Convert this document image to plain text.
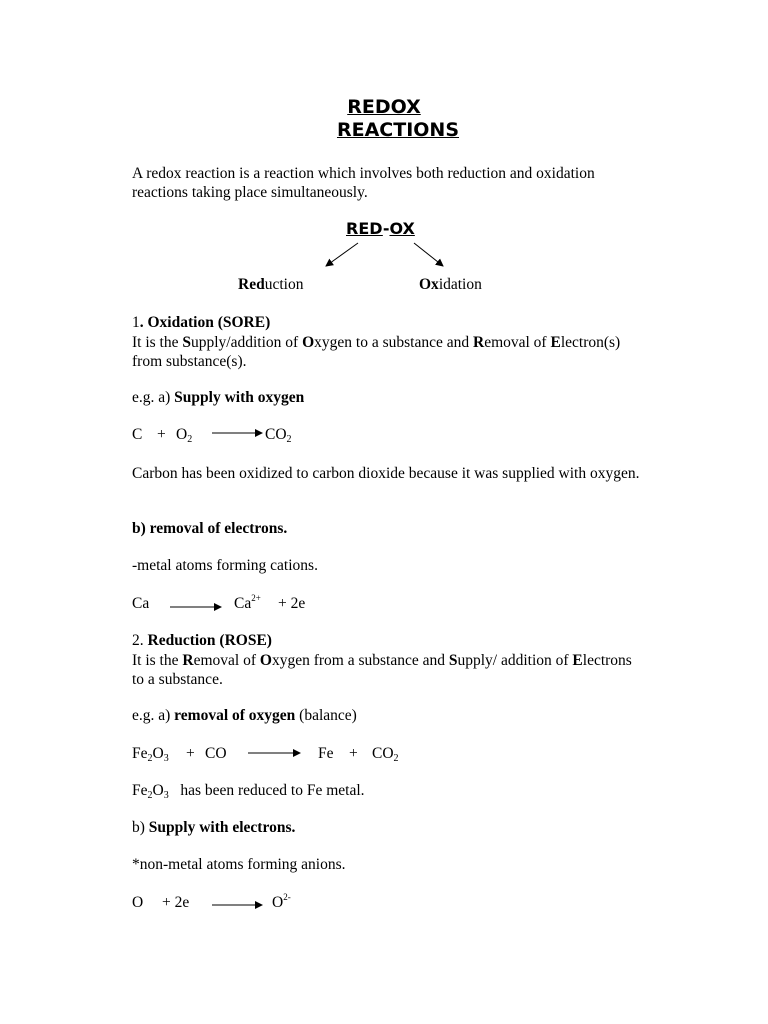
REDOX
REACTIONS
A redox reaction is a reaction which involves both reduction and oxidation reactions taking place simultaneously.
RED-OX
Reduction	Oxidation
1. Oxidation (SORE)
It is the Supply/addition of Oxygen to a substance and Removal of Electron(s) from substance(s).
e.g. a) Supply with oxygen
$C + O_2$	$CO_2$
Carbon has been oxidized to carbon dioxide because it was supplied with oxygen.
b) removal of electrons.
-metal atoms forming cations.
Ca	$Ca^{2+} + 2e$
2. Reduction (ROSE)
It is the Removal of Oxygen from a substance and Supply/ addition of Electrons to a substance.
e.g. a) removal of oxygen (balance)
$Fe_2O_3$ + CO	$Fe + CO_2$
$Fe_2O_3$   has been reduced to Fe metal.
b) Supply with electrons.
*non-metal atoms forming anions.
O + 2e	$O^{2-}$
